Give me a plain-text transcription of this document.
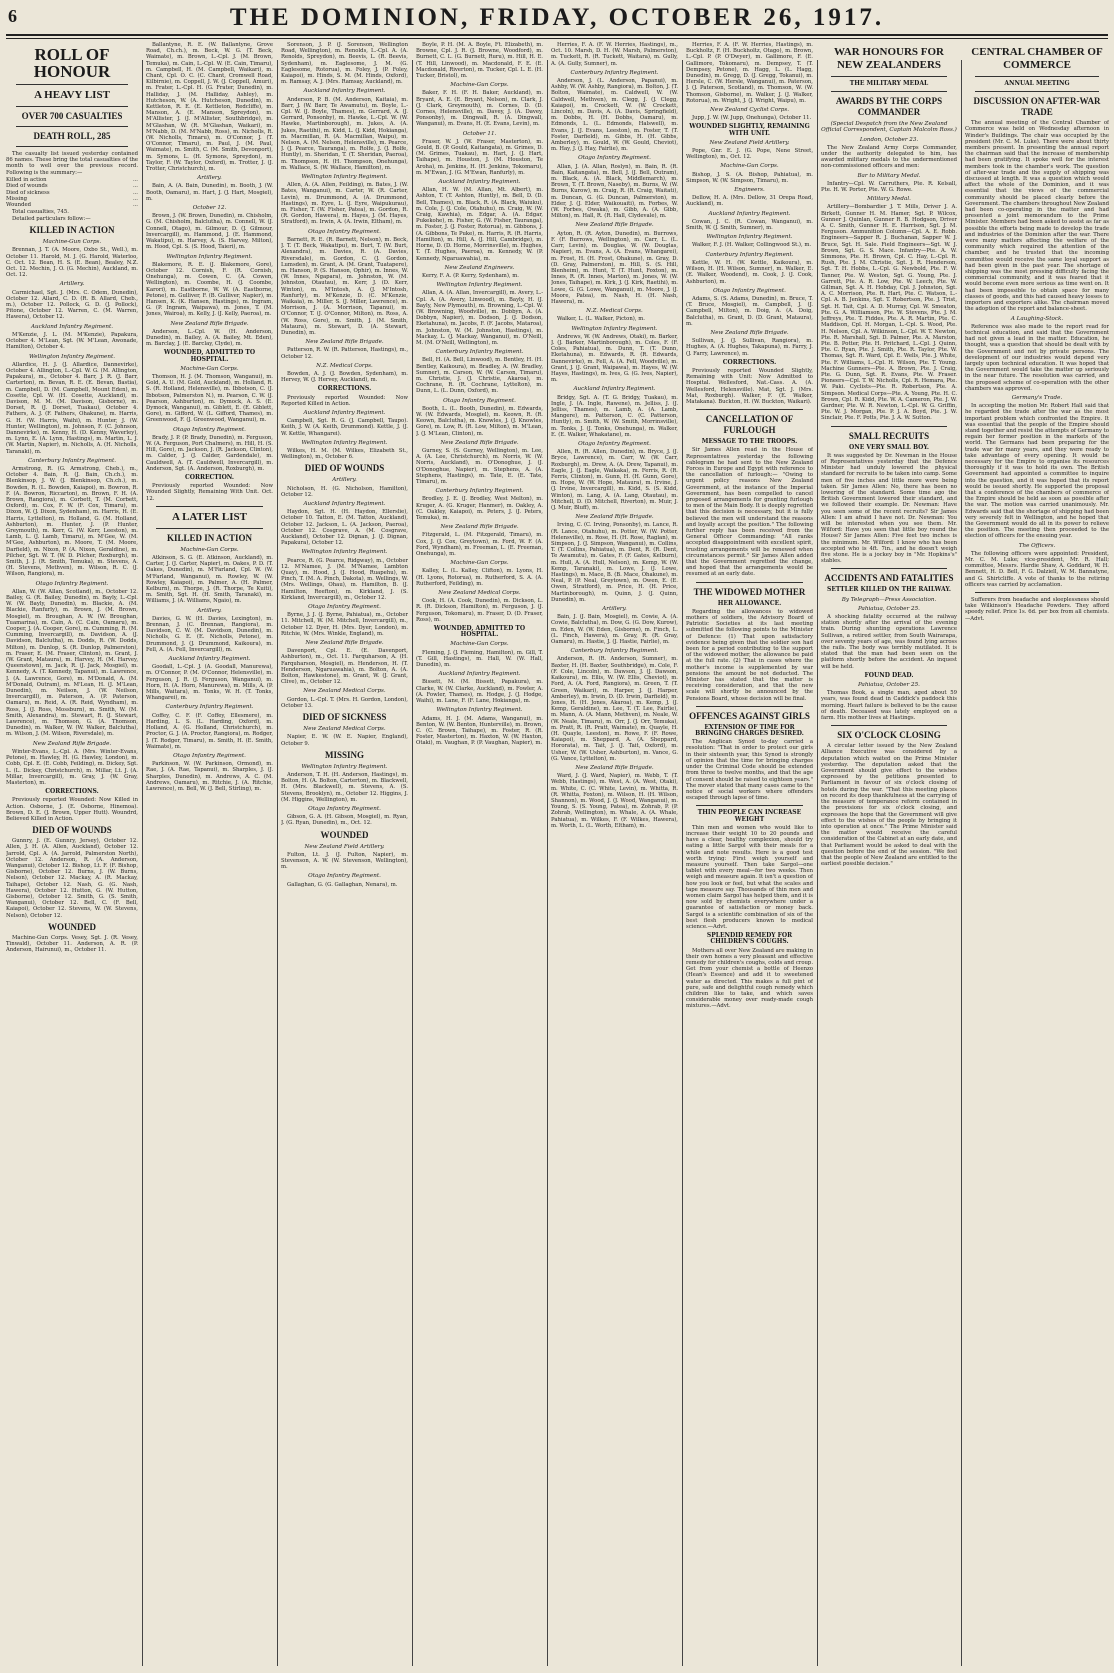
6	THE DOMINION, FRIDAY, OCTOBER 26, 1917.
ROLL OF HONOUR
A HEAVY LIST
OVER 700 CASUALTIES
DEATH ROLL, 285

The casualty list issued yesterday contained 86 names. These bring the total casualties of the month to well over the previous record. Following is the summary:—

Killed in action	...
Died of wounds	...
Died of sickness	...
Missing	...
Wounded	...

Total casualties, 745.

Detailed particulars follow:—

KILLED IN ACTION
Machine-Gun Corps.

Brennan, J. T. (A. Moore, Oxbo St., Well.), m. October 11. Harold, M. J. (G. Harold, Waterloo, C. Oct. 12. Bean, H. S. (E. Bean), Bealey, N.Z. Oct. 12. Mechin, J. O. (G. Mechin), Auckland, m. Oct. 12.

Artillery.

Carmichael, Sgt. J. (Mrs. C. Odem, Dunedin), October 12. Allard, C. D. (R. B. Allard, Cheb., m.), October 12. Pollock, G. D. (J. Pollock), Pitone, October 12. Warren, C. (M. Warren, Hawera), October 12.

Auckland Infantry Regiment.

M'Kenzie, J. L. (M. M'Kenzie), Papakura, October 4. M'Lean, Sgt. (W. M'Lean, Awonade, Hamilton), October 4.

Wellington Infantry Regiment.

Allardice, H. J. (J. Allardice, Dannevirke), October 4. Allington, L.-Cpl. W. G. (M. Allington, Papakura), m., October 4. Barr, J. R. (J. Barr, Carterton), m. Bevan, R. E. (E. Bevan, Bastia), m. Campbell, D. (M. Campbell, Mount Eden), m. Cosette, Cpl. W. (H. Cosette, Auckland), m. Davison, M. M. (M. Davison, Gisborne), m. Dorset, R. (J. Dorset, Tuakau), October 4. Fathers, A. J. (F. Fathers, Ohakune), m. Harris, G. H. (W. Harris, Waihi), m. Hunter, J. (W. Hunter, Wellington), m. Johnson, F. (C. Johnson, Dannevirke), m. Kenny, H. (D. Kenny, Waverley), m. Lynn, E. (A. Lynn, Hastings), m. Martin, L. J. (W. Martin, Napier), m. Nicholls, A. (H. Nicholls, Taranaki), m.

Canterbury Infantry Regiment.

Armstrong, R. (G. Armstrong, Cheb.), m., October 4. Bain, R. (J. Bain, Ch.ch.), m. Blenkinsop, J. W. (J. Blenkinsop, Ch.ch.), m. Bowden, R. (L. Bowden, Kaiapoi), m. Bowron, R. F. (A. Bowron, Riccarton), m. Brown, F. H. (A. Brown, Rangiora), m. Corbett, T. (M. Corbett, Oxford), m. Cox, F. W. (F. Cox, Timaru), m. Dixon, W. (J. Dixon, Sydenham), m. Harris, H. (E. Harris, Lyttelton), m. Holland, G. (M. Holland, Ashburton), m. Hunter, J. (P. Hunter, Greymouth), m. Kerr, G. (W. Kerr, Leeston), m. Lamb, L. (J. Lamb, Timaru), m. M'Gee, W. (M. M'Gee, Ashburton), m. Moore, T. (M. Moore, Darfield), m. Nixon, P. (A. Nixon, Geraldine), m. Pilcher, Sgt. W. T. (W. D. Pilcher, Roxburgh), m. Smith, J. J. (R. Smith, Temuka), m. Stevens, A. (H. Stevens, Methven), m. Wilson, R. C. (J. Wilson, Rangiora), m.

Otago Infantry Regiment.

Allan, W. (W. Allan, Scotland), m., October 12. Bailey, G. (R. Bailey, Dunedin), m. Bayly, L.-Cpl. W. (W. Bayly, Dunedin), m. Blackie, A. (M. Blackie, Ranfurly), m. Brown, J. (M. Brown, Mosgiel), m. Broughan, A. W. (W. Broughan, Tuamarina), m. Cain, A. (C. Cain, Oamaru), m. Cooper, J. (A. Cooper, Gore), m. Cumming, R. (M. Cumming, Invercargill), m. Davidson, A. (J. Davidson, Balclutha), m. Dodds, R. (W. Dodds, Milton), m. Dunlop, S. (R. Dunlop, Palmerston), m. Fraser, E. (M. Fraser, Clinton), m. Grant, J. (W. Grant, Mataura), m. Harvey, H. (M. Harvey, Queenstown), m. Jack, R. (J. Jack, Mosgiel), m. Kennedy, A. (T. Kennedy, Tapanui), m. Lawrence, J. (A. Lawrence, Gore), m. M'Donald, A. (M. M'Donald, Outram), m. M'Lean, H. (J. M'Lean, Dunedin), m. Neilson, J. (W. Neilson, Invercargill), m. Paterson, A. (P. Paterson, Oamaru), m. Reid, A. (R. Reid, Wyndham), m. Ross, J. (J. Ross, Mossburn), m. Smith, W. (M. Smith, Alexandra), m. Stewart, R. (J. Stewart, Lawrence), m. Thomson, G. (A. Thomson, Dunedin), m. Walker, W. (W. Walker, Balclutha), m. Wilson, J. (M. Wilson, Riversdale), m.

New Zealand Rifle Brigade.

Winter-Evans, L.-Cpl. A. (Mrs. Winter-Evans, Petone), m. Hawley, H. (G. Hawley, London), m. Cobb, Cpl. E. (E. Cobb, Feilding), m. Dickey, Sgt. L. (L. Dickey, Christchurch), m. Millar, Lt. J. (A. Millar, Invercargill), m. Gray, J. (W. Gray, Masterton), m.

CORRECTIONS.

Previously reported Wounded: Now Killed in Action. Osborne, J. (E. Osborne, Hinemoa). Brown, D. E. (J. Brown, Upper Hutt). Woundrd, Believed Killed in Action.

DIED OF WOUNDS

Gunnry, J. (E. Gunnry, Jersey), October 12. Allen, J. H. (A. Allen, Auckland), October 12. Jarrold, Cpl. A. (A. Jarrold, Palmerston North), October 12. Anderson, R. (A. Anderson, Wanganui), October 12. Bishop, Lt. F. (F. Bishop, Gisborne), October 12. Burns, J. (W. Burns, Nelson), October 12. Mackay, A. (R. Mackay, Taihape), October 12. Nash, G. (G. Nash, Hawera), October 12. Hutton, G. (W. Hutton, Gisborne), October 12. Smith, G. (S. Smith, Wanganui), October 12. Bell, C. (F. Bell, Kaiapoi), October 12. Stevens, W. (W. Stevens, Nelson), October 12.

WOUNDED

Machine-Gun Corps. Vesey, Sgt. J. (R. Vesey, Tinwald), October 11. Anderson, A. R. (P. Anderson, Hairunui), m., October 11.

Ballantyne, R. E. (W. Ballantyne, Grove Road, Ch.ch.), m. Beck, W. G. (T. Beck, Waimate), m. Brown, L.-Cpl. J. (M. Brown, Temuka), m. Cain, L.-Cpl. W. (E. Cain, Timaru), m. Campbell, H. (M. Campbell, Waikari), m. Chant, Cpl. O. C. (C. Chant, Cromwell Road, Kilbirnie), m. Coppell, J. W. (J. Coppell, Amuri), m. Frater, L.-Cpl. H. (G. Frater, Dunedin), m. Halliday, J. (M. Halliday, Ashley), m. Hutcheson, W. (A. Hutcheson, Dunedin), m. Kettleton, R. E. (E. Kettleton, Redcliffe), m. Manson, A. (E. Manson, Spreydon), m. M'Allister, J. (J. M'Allister, Southbridge), m. M'Glashan, W. (R. M'Glashan, Waikari), m. M'Nabb, D. (M. M'Nabb, Ross), m. Nicholls, R. (W. Nicholls, Timaru), m. O'Connor, J. (T. O'Connor, Timaru), m. Paul, J. (M. Paul, Waimate), m. Smith, C. (M. Smith, Devonport), m. Symons, L. (H. Symons, Spreydon), m. Taylor, F. (W. Taylor, Oxford), m. Trotter, J. (J. Trotter, Christchurch), m.

Artillery.

Bain, A. (A. Bain, Dunedin), m. Booth, J. (W. Booth, Oamaru), m. Hart, J. (J. Hart, Mosgiel), m.

October 12.

Brown, J. (W. Brown, Dunedin), m. Chisholm, G. (M. Chisholm, Balclutha), m. Connell, W. (J. Connell, Otago), m. Gilmour, D. (J. Gilmour, Invercargill), m. Hammond, J. (E. Hammond, Wakatipu), m. Harvey, A. (S. Harvey, Milton), m. Hood, Cpl. S. (S. Hood, Taieri), m.

Wellington Infantry Regiment.

Blakemore, R. E. (J. Blakemore, Gore), October 12. Cornish, F. (R. Cornish, Onehunga), m. Cowen, C. (A. Cowen, Wellington), m. Coombe, H. (J. Coombe, Karori), m. Eastborne, W. W. (A. Eastborne, Petone), m. Gulliver, F. (B. Gulliver, Napier), m. Hansen, K. (K. Hansen, Hastings), m. Ingram, G. (P. Ingram, Waipawa), m. Jones, T. (M. Jones, Wairoa), m. Kelly, J. (J. Kelly, Paeroa), m.

New Zealand Rifle Brigade.

Anderson, L.-Cpl. W. (H. Anderson, Dunedin), m. Bailey, A. (A. Bailey, Mt. Eden), m. Barclay, J. (E. Barclay, Clyde), m.

WOUNDED, ADMITTED TO HOSPITAL.
Machine-Gun Corps.

Thomson, H. J. (M. Thomson, Wanganui), m. Gold, A. U. (M. Gold, Auckland), m. Holland, R. S. (R. Holland, Helensville), m. Ibbotson, C. (J. Ibbotson, Palmerston N.), m. Pearson, C. W. (J. Pearson, Ashburton), m. Dymock, A. S. (E. Dymock, Wanganui), m. Giblett, E. (E. Giblett, Gore), m. Gifford, W. (L. Gifford, Thames), m. Greenwood, F. (J. Greenwood, Wanganui), m.

Otago Infantry Regiment.

Brady, J. P. (P. Brady, Dunedin), m. Ferguson, W. (A. Ferguson, Port Chalmers), m. Hill, H. (S. Hill, Gore), m. Jackson, J. (R. Jackson, Clinton), m. Calder, J. (J. Calder, Gardendale), m. Cauldwell, A. (T. Cauldwell, Invercargill), m. Anderson, Sgt. (A. Anderson, Roxburgh), m.

CORRECTION.

Previously reported Wounded: Now Wounded Slightly, Remaining With Unit. Oct. 12.

A LATER LIST
KILLED IN ACTION
Machine-Gun Corps.

Atkinson, S. G. (E. Atkinson, Auckland), m. Carter, J. (J. Carter, Napier), m. Oakes, P. D. (T. Oakes, Dunedin), m. M'Farland, Cpl. W. (W. M'Farland, Wanganui), m. Rowley, W. (W. Rowley, Kaiapoi), m. Palmer, A. (H. Palmer, Kelburn), m. Thorpe, J. (R. Thorpe, Te Kuiti), m. Smith, Sgt. H. (H. Smith, Taranaki), m. Williams, J. (A. Williams, Ngaio), m.

Artillery.

Davies, G. W. (H. Davies, Lexington), m. Brennan, J. (C. Brennan, Rangiora), m. Davidson, C. W. (M. Davidson, Dunedin), m. Nicholls, G. E. (E. Nicholls, Petone), m. Drummond, J. (J. Drummond, Kaikoura), m. Fell, A. (A. Fell, Invercargill), m.

Auckland Infantry Regiment.

Goodall, L.-Cpl. J. (A. Goodall, Manurewa), m. O'Connor, P. (M. O'Connor, Helensville), m. Ferguson, J. R. (J. Ferguson, Wanganui), m. Horn, H. (A. Horn, Manurewa), m. Mills, A. (P. Mills, Waitara), m. Tonks, W. H. (T. Tonks, Whangarei), m.

Canterbury Infantry Regiment.

Coffey, C. F. (F. Coffey, Ellesmere), m. Harding, L. S. (L. Harding, Oxford), m. Holland, A. (G. Holland, Christchurch), m. Proctor, G. J. (A. Proctor, Rangiora), m. Rodger, J. (T. Rodger, Timaru), m. Smith, H. (E. Smith, Waimate), m.

Otago Infantry Regiment.

Parkinson, W. (W. Parkinson, Ormond), m. Rae, J. (A. Rae, Tapanui), m. Sharples, J. (J. Sharples, Dunedin), m. Andrews, A. C. (M. Andrews, Oamaru), m. Ritchie, J. (A. Ritchie, Lawrence), m. Bell, W. (J. Bell, Stirling), m.

Sorenson, J. P. (J. Sorenson, Wellington Road, Wellington), m. Renolds, L.-Cpl. A. (A. Renolds, Spreydon), m. Beevis, L. (R. Beevis, Sydenham), m. Eaglesome, J. M. (G. Eaglesome, Rotorua), m. Foley, J. (P. Foley, Kaiapoi), m. Hinds, S. M. (M. Hinds, Oxford), m. Ramsay, A. J. (Mrs. Ramsay, Auckland), m.

Auckland Infantry Regiment.

Anderson, P. B. (M. Anderson, Kaitaia), m. Barr, J. (W. Barr, Te Awamutu), m. Boyle, L.-Cpl. W. (J. Boyle, Thames), m. Gerrard, A. (J. Gerrard, Ponsonby), m. Hawke, L.-Cpl. W. (W. Hawke, Martinborough), m. Jukes, A. (A. Jukes, Raetihi), m. Kidd, L. (J. Kidd, Hokianga), m. Macmillan, R. (A. Macmillan, Waipu), m. Nelson, A. (M. Nelson, Helensville), m. Pearce, J. (J. Pearce, Tauranga), m. Rolfe, J. (J. Rolfe, Huntly), m. Sheridan, T. (T. Sheridan, Paeroa), m. Thompson, H. (H. Thompson, Onehunga), m. Wallace, S. (W. Wallace, Hamilton), m.

Wellington Infantry Regiment.

Allen, A. (A. Allen, Feilding), m. Bates, J. (W. Bates, Wanganui), m. Carter, W. (R. Carter, Levin), m. Drummond, A. (A. Drummond, Hastings), m. Eyre, L. (J. Eyre, Waipukurau), m. Fisher, T. (W. Fisher, Patea), m. Gordon, R. (R. Gordon, Hawera), m. Hayes, J. (M. Hayes, Stratford), m. Irwin, A. (A. Irwin, Eltham), m.

Otago Infantry Regiment.

Barnett, R. E. (R. Barnett, Nelson), m. Beck, J. T. (T. Beck, Wakatipu), m. Burt, T. (W. Burt, Alexandra), m. Davies, R. (A. Davies, Riversdale), m. Gordon, C. (J. Gordon, Lumsden), m. Grant, A. (M. Grant, Tuatapere), m. Hanson, P. (S. Hanson, Ophir), m. Innes, W. (W. Innes, Ngapara), m. Johnston, W. (M. Johnston, Otautau), m. Kerr, J. (D. Kerr, Winton), m. M'Intosh, A. (J. M'Intosh, Ranfurly), m. M'Kenzie, D. (C. M'Kenzie, Waikaia), m. Miller, S. (J. Miller, Lawrence), m. Morrison, J. (A. Morrison, Tapanui), m. O'Connor, T. (J. O'Connor, Milton), m. Ross, A. (W. Ross, Gore), m. Smith, J. (M. Smith, Mataura), m. Stewart, D. (A. Stewart, Dunedin), m.

New Zealand Rifle Brigade.

Patterson, R. W. (R. Patterson, Hastings), m., October 12.

N.Z. Medical Corps.

Bowden, A. J. (J. Bowden, Sydenham), m. Hervey, W. (J. Hervey, Auckland), m.

CORRECTIONS.

Previously reported Wounded: Now Reported Killed in Action.

Auckland Infantry Regiment.

Campbell, Sgt. R. G. (J. Campbell, Taupo). Keith, J. W. (A. Keith, Drummond). Kettle, J. (J. W. Kettle, Whangarei).

Wellington Infantry Regiment.

Wilkes, H. M. (M. Wilkes, Elizabeth St., Wellington), m., October 6.

DIED OF WOUNDS
Artillery.

Nicholson, H. (G. Nicholson, Hamilton), October 12.

Auckland Infantry Regiment.

Haydon, Sgt. H. (H. Haydon, Ellerslie), October 10. Tatton, E. (M. Tatton, Auckland), October 12. Jackson, L. (A. Jackson, Paeroa), October 12. Cosgrave, A. (M. Cosgrave, Auckland), October 12. Dignan, J. (J. Dignan, Papakura), October 12.

Wellington Infantry Regiment.

Pearce, R. (G. Pearce, Ridgway), m., October 12. M'Namee, J. (M. M'Namee, Lambton Quay), m. Hood, J. (J. Hood, Ruapehu), m. Pinch, T. (M. A. Pinch, Dakota), m. Wellings, W. (Mrs. Wellings, Ohau), m. Hamilton, B. (J. Hamilton, Reefton), m. Kirkland, J. (S. Kirkland, Invercargill), m., October 12.

Otago Infantry Regiment.

Byrne, J. J. (J. Byrne, Pahiatua), m., October 11. Mitchell, W. (M. Mitchell, Invercargill), m., October 12. Dyer, H. (Mrs. Dyer, London), m. Ritchie, W. (Mrs. Winkle, England), m.

New Zealand Rifle Brigade.

Davenport, Cpl. E. (E. Davenport, Ashburton), m., Oct. 11. Farquharson, A. (H. Farquharson, Mosgiel), m. Henderson, H. (T. Henderson, Ngaruawahia), m. Bolton, A. (A. Bolton, Hawkestone), m. Grant, W. (J. Grant, Clive), m., October 12.

New Zealand Medical Corps.

Gordon, L.-Cpl. T. (Mrs. H. Gordon, London), October 13.

DIED OF SICKNESS
New Zealand Medical Corps.

Napier, E. W. (W. E. Napier, England), October 9.

MISSING
Wellington Infantry Regiment.

Anderson, T. H. (H. Anderson, Hastings), m. Bolton, H. (A. Bolton, Carterton), m. Blackwell, H. (Mrs. Blackwell), m. Stevens, A. (S. Stevens, Brooklyn), m., October 12. Higgins, J. (M. Higgins, Wellington), m.

Otago Infantry Regiment.

Gibson, G. A. (H. Gibson, Mosgiel), m. Ryan, J. (G. Ryan, Dunedin), m., Oct. 12.

WOUNDED
New Zealand Field Artillery.

Fulton, Lt. J. (J. Fulton, Napier), m. Stevenson, A. W. (W. Stevenson, Wellington), m.

Otago Infantry Regiment.

Gallaghan, G. (G. Gallaghan, Nenara), m.

Boyle, P. H. (M. A. Boyle, Ft. Elizabeth), m. Browne, Cpl. J. R. (J. Browne, Woodford), m. Burnett, C. L. (G. Burnett, Ruru), m. Hill, H. E. (T. Hill, Linwood), m. Macdonald, F. E. (E. Macdonald, Riverton), m. Tucker, Cpl. L. E. (H. Tucker, Bristol), m.

Machine-Gun Corps.

Baker, F. H. (F. H. Baker, Auckland), m. Bryant, A. E. (E. Bryant, Nelson), m. Clark, J. (J. Clark, Greymouth), m. Cornes, D. (D. Cornes, Helensville), m. Davey, J. (A. Davey, Ponsonby), m. Dingwall, R. (A. Dingwall, Wanganui), m. Evans, H. (E. Evans, Levin), m.

October 11.

Fraser, W. J. (W. Fraser, Masterton), m. Gould, B. (P. Gould, Kaitangata), m. Grimes, D. (M. Grimes, Tuakau), m. Hart, J. (J. Hart, Taihape), m. Houston, J. (M. Houston, Te Aroha), m. Jenkins, H. (H. Jenkins, Tokomaru), m. M'Ewan, J. (G. M'Ewan, Ranfurly), m.

Auckland Infantry Regiment.

Allan, H. W. (M. Allan, Mt. Albert), m. Ashton, T. (T. Ashton, Huntly), m. Bell, D. (D. Bell, Thames), m. Black, R. (A. Black, Waiuku), m. Cole, J. (J. Cole, Otahuhu), m. Craig, W. (W. Craig, Kawhia), m. Edgar, A. (A. Edgar, Pukekohe), m. Fisher, G. (W. Fisher, Tauranga), m. Foster, J. (J. Foster, Rotorua), m. Gibbons, J. (A. Gibbons, Te Puke), m. Harris, R. (R. Harris, Hamilton), m. Hill, A. (J. Hill, Cambridge), m. Horne, D. (D. Horne, Morrinsville), m. Hughes, T. (T. Hughes, Paeroa), m. Kennedy, W. (P. Kennedy, Ngaruawahia), m.

New Zealand Engineers.

Kerry, F. A. (P. Kerry, Sydenham), m.

Wellington Infantry Regiment.

Allan, A. (A. Allan, Invercargill), m. Avery, L.-Cpl. A. (A. Avery, Linwood), m. Bayly, H. (J. Bayly, New Plymouth), m. Browning, L.-Cpl. W. (W. Browning, Woodville), m. Dobbyn, A. (A. Dobbyn, Napier), m. Dodson, J. (J. Dodson, Eketahuna), m. Jacobs, F. (F. Jacobs, Mataroa), m. Johnston, W. (M. Johnston, Hastings), m. Mackay, L. (J. Mackay, Wanganui), m. O'Neill, M. (M. O'Neill, Wellington), m.

Canterbury Infantry Regiment.

Bell, H. (A. Bell, Linwood), m. Bentley, H. (H. Bentley, Kaikoura), m. Bradley, A. (W. Bradley, Sumner), m. Carson, W. (W. Carson, Timaru), m. Christie, J. (J. Christie, Akaroa), m. Cochrane, R. (R. Cochrane, Lyttelton), m. Dunn, L. (L. Dunn, Oxford), m.

Otago Infantry Regiment.

Booth, L. (L. Booth, Dunedin), m. Edwards, W. (W. Edwards, Mosgiel), m. Keown, R. (R. Keown, Balclutha), m. Knowles, J. (J. Knowles, Gore), m. Low, R. (R. Low, Milton), m. M'Lean, J. (J. M'Lean, Clinton), m.

New Zealand Rifle Brigade.

Gurney, S. (S. Gurney, Wellington), m. Lee, A. (A. Lee, Christchurch), m. Norris, W. (W. Norris, Auckland), m. O'Donoghue, J. (J. O'Donoghue, Napier), m. Stephens, A. (A. Stephens, Hastings), m. Tate, E. (E. Tate, Timaru), m.

Canterbury Infantry Regiment.

Brodley, J. E. (J. Brodley, West Melton), m. Kruger, A. (G. Kruger, Hanmer), m. Oakley, A. (C. Oakley, Kaiapoi), m. Peters, J. (J. Peters, Temuka), m.

New Zealand Rifle Brigade.

Fitzgerald, L. (M. Fitzgerald, Timaru), m. Cox, J. (J. Cox, Greytown), m. Ford, W. F. (A. Ford, Wyndham), m. Freeman, L. (E. Freeman, Onehunga), m.

Machine-Gun Corps.

Kalley, L. (L. Kalley, Clifton), m. Lyons, H. (H. Lyons, Rotorua), m. Rutherford, S. A. (A. Rutherford, Feilding), m.

New Zealand Medical Corps.

Cook, H. (A. Cook, Dunedin), m. Dickson, L. R. (R. Dickson, Hamilton), m. Ferguson, J. (J. Ferguson, Tokomaru), m. Fraser, D. (D. Fraser, Ross), m.

WOUNDED, ADMITTED TO HOSPITAL.
Machine-Gun Corps.

Fleming, J. (J. Fleming, Hamilton), m. Gill, T. (T. Gill, Hastings), m. Hall, W. (W. Hall, Dunedin), m.

Auckland Infantry Regiment.

Bissett, M. (M. Bissett, Papakura), m. Clarke, W. (W. Clarke, Auckland), m. Fowler, A. (A. Fowler, Thames), m. Hodge, J. (J. Hodge, Waihi), m. Lane, F. (F. Lane, Hokianga), m.

Wellington Infantry Regiment.

Adams, H. J. (M. Adams, Wanganui), m. Benton, W. (W. Benton, Hunterville), m. Brown, C. (C. Brown, Taihape), m. Foster, R. (R. Foster, Masterton), m. Haxton, W. (W. Haxton, Otaki), m. Vaughan, P. (P. Vaughan, Napier), m.

Herries, F. A. (F. W. Herries, Hastings), m., Oct. 10. Marsh, D. H. (W. Marsh, Palmerston), m. Tuckett, R. (R. Tuckett, Waitara), m. Gully, A. (A. Gully, Sumner), m.

Canterbury Infantry Regiment.

Anderson, J. (L. Anderson, Papanui), m. Ashby, W. (W. Ashby, Rangiora), m. Bolton, J. (T. Bolton, Waimate), m. Caldwell, W. (W. Caldwell, Methven), m. Clegg, J. (J. Clegg, Kaiapoi), m. Crockett, W. (W. Crockett, Lincoln), m. Davis, A. (A. Davis, Springfield), m. Dobbs, H. (H. Dobbs, Oamaru), m. Edmonds, L. (L. Edmonds, Halswell), m. Evans, J. (J. Evans, Leeston), m. Foster, T. (T. Foster, Darfield), m. Gibbs, H. (H. Gibbs, Amberley), m. Gould, W. (W. Gould, Cheviot), m. Hay, J. (J. Hay, Fairlie), m.

Otago Infantry Regiment.

Allan, J. (A. Allan, Roslyn), m. Bain, R. (R. Bain, Kaitangata), m. Bell, J. (J. Bell, Outram), m. Black, A. (A. Black, Middlemarch), m. Brown, T. (T. Brown, Naseby), m. Burns, W. (W. Burns, Kurow), m. Craig, R. (R. Craig, Waitati), m. Duncan, G. (G. Duncan, Palmerston), m. Elder, J. (J. Elder, Waikouaiti), m. Forbes, W. (W. Forbes, Owaka), m. Gibb, A. (A. Gibb, Milton), m. Hall, R. (R. Hall, Clydevale), m.

New Zealand Rifle Brigade.

Ayton, R. (R. Ayton, Dunedin), m. Burrows, F. (F. Burrows, Wellington), m. Carr, L. (L. Carr, Levin), m. Douglas, W. (W. Douglas, Napier), m. Evans, A. (A. Evans, Whangarei), m. Frost, H. (H. Frost, Ohakune), m. Gray, D. (D. Gray, Palmerston), m. Hill, S. (S. Hill, Blenheim), m. Hunt, T. (T. Hunt, Foxton), m. Innes, R. (R. Innes, Marton), m. Jones, W. (W. Jones, Taihape), m. Kirk, J. (J. Kirk, Raetihi), m. Lowe, G. (G. Lowe, Wanganui), m. Moore, J. (J. Moore, Patea), m. Nash, H. (H. Nash, Hawera), m.

N.Z. Medical Corps.

Walker, L. (L. Walker, Picton), m.

Wellington Infantry Regiment.

Andrews, W. (W. Andrews, Otaki), m. Barker, J. (J. Barker, Martinborough), m. Coles, F. (F. Coles, Pahiatua), m. Dunn, T. (T. Dunn, Eketahuna), m. Edwards, R. (R. Edwards, Dannevirke), m. Fell, A. (A. Fell, Woodville), m. Grant, J. (J. Grant, Waipawa), m. Hayes, W. (W. Hayes, Hastings), m. Ives, G. (G. Ives, Napier), m.

Auckland Infantry Regiment.

Bridgy, Sgt. A. (T. G. Bridgy, Tuakau), m. Ingle, J. (A. Ingle, Rawene), m. Jelliss, J. (J. Jelliss, Thames), m. Lamb, A. (A. Lamb, Mangere), m. Patterson, C. (C. Patterson, Huntly), m. Smith, W. (W. Smith, Morrinsville), m. Tonks, J. (J. Tonks, Onehunga), m. Walker, E. (E. Walker, Whakatane), m.

Otago Infantry Regiment.

Allen, R. (R. Allen, Dunedin), m. Bryce, J. (J. Bryce, Lawrence), m. Carr, W. (W. Carr, Roxburgh), m. Drew, A. (A. Drew, Tapanui), m. Eagle, J. (J. Eagle, Waikaka), m. Ferris, R. (R. Ferris, Clinton), m. Gunn, H. (H. Gunn, Gore), m. Hope, W. (W. Hope, Mataura), m. Irvine, J. (J. Irvine, Invercargill), m. Kidd, S. (S. Kidd, Winton), m. Lang, A. (A. Lang, Otautau), m. Mitchell, D. (D. Mitchell, Riverton), m. Muir, J. (J. Muir, Bluff), m.

New Zealand Rifle Brigade.

Irving, C. (C. Irving, Ponsonby), m. Lance, R. (R. Lance, Otahuhu), m. Potter, W. (W. Potter, Helensville), m. Rose, H. (H. Rose, Raglan), m. Simpson, J. (J. Simpson, Wanganui), m. Collins, T. (T. Collins, Pahiatua), m. Dent, R. (R. Dent, Te Awamutu), m. Gates, F. (F. Gates, Kelburn), m. Hull, A. (A. Hull, Nelson), m. Kemp, W. (W. Kemp, Taranaki), m. Lowe, J. (J. Lowe, Hastings), m. Mace, B. (B. Mace, Ohakune), m. Neal, P. (P. Neal, Greytown), m. Owen, E. (E. Owen, Stratford), m. Price, H. (H. Price, Martinborough), m. Quinn, J. (J. Quinn, Dunedin), m.

Artillery.

Bain, J. (J. Bain, Mosgiel), m. Cowie, A. (A. Cowie, Balclutha), m. Dow, G. (G. Dow, Kurow), m. Eden, W. (W. Eden, Gisborne), m. Finch, L. (L. Finch, Hawera), m. Gray, R. (R. Gray, Oamaru), m. Hastie, J. (J. Hastie, Fairlie), m.

Canterbury Infantry Regiment.

Anderson, R. (R. Anderson, Sumner), m. Baxter, H. (H. Baxter, Southbridge), m. Cole, F. (F. Cole, Lincoln), m. Dawson, J. (J. Dawson, Kaikoura), m. Ellis, W. (W. Ellis, Cheviot), m. Ford, A. (A. Ford, Rangiora), m. Green, T. (T. Green, Waikari), m. Harper, J. (J. Harper, Amberley), m. Irwin, D. (D. Irwin, Darfield), m. Jones, H. (H. Jones, Akaroa), m. Kemp, J. (J. Kemp, Geraldine), m. Lee, T. (T. Lee, Fairlie), m. Mann, A. (A. Mann, Methven), m. Neale, W. (W. Neale, Timaru), m. Orr, J. (J. Orr, Temuka), m. Pratt, R. (R. Pratt, Waimate), m. Quayle, H. (H. Quayle, Leeston), m. Rowe, F. (F. Rowe, Kaiapoi), m. Sheppard, A. (A. Sheppard, Hororata), m. Tait, J. (J. Tait, Oxford), m. Usher, W. (W. Usher, Ashburton), m. Vance, G. (G. Vance, Lyttelton), m.

New Zealand Rifle Brigade.

Ward, J. (J. Ward, Napier), m. Webb, T. (T. Webb, Hastings), m. West, A. (A. West, Otaki), m. White, C. (C. White, Levin), m. Whitta, R. (R. Whitta, Foxton), m. Wilson, H. (H. Wilson, Shannon), m. Wood, J. (J. Wood, Wanganui), m. Young, S. (S. Young, Patea), m. Zohrab, P. (P. Zohrab, Wellington), m. Whale, A. (A. Whale, Pahiatua), m. Wilkes, F. (F. Wilkes, Hawera), m. Worth, L. (L. Worth, Eltham), m.

Herries, F. A. (F. W. Herries, Hastings), m. Buckholtz, F. (H. Buckholtz, Otago), m. Brown, L.-Cpl. P. (P. O'Dwyer), m. Gallimore, F. (E. Gallimore, Tokomaru), m. Dempsey, T. (T. Dempsey, Petone), m. Hagg, L. (L. Hagg, Dunedin), m. Gregg, D. (J. Gregg, Tokanui), m. Hersle, C. (W. Hersle, Wanganui), m. Paterson, J. (J. Paterson, Scotland), m. Thomson, W. (W. Thomson, Gisborne), m. Walker, J. (J. Walker, Rotorua), m. Wright, J. (J. Wright, Waipu), m.

New Zealand Cyclist Corps.

Jupp, J. W. (W. Jupp, Onehunga), October 11.

WOUNDED SLIGHTLY, REMAINING WITH UNIT.
New Zealand Field Artillery.

Pope, Gnr. E. J. (G. Pope, Nene Street, Wellington), m., Oct. 12.

Machine-Gun Corps.

Bishop, J. S. (A. Bishop, Pahiatua), m. Simpson, W. (W. Simpson, Timaru), m.

Engineers.

Dellow, H. A. (Mrs. Dellow, 31 Orepa Road, Auckland), m.

Auckland Infantry Regiment.

Cowan, J. C. (R. Cowan, Wanganui), m. Smith, W. (J. Smith, Sumner), m.

Wellington Infantry Regiment.

Walker, F. J. (H. Walker, Collingwood St.), m.

Canterbury Infantry Regiment.

Kettle, W. H. (W. Kettle, Kaikoura), m. Wilson, H. (H. Wilson, Sumner), m. Walker, E. (E. Walker, Woodend), m. Cook, J. (J. Cook, Ashburton), m.

Otago Infantry Regiment.

Adams, S. (S. Adams, Dunedin), m. Bruce, T. (T. Bruce, Mosgiel), m. Campbell, J. (J. Campbell, Milton), m. Doig, A. (A. Doig, Balclutha), m. Grant, D. (D. Grant, Mataura), m.

New Zealand Rifle Brigade.

Sullivan, J. (J. Sullivan, Rangiora), m. Hughes, A. (A. Hughes, Takapuna), m. Farry, J. (J. Farry, Lawrence), m.

CORRECTIONS.

Previously reported Wounded Slightly, Remaining with Unit: Now Admitted to Hospital. Wellesford, Nat.-Cass. A. (A. Wellesford, Helensville). Mat, Sgt. J. (Mrs. Mat, Roxburgh). Walker, F. (E. Walker, Matakana). Buckton, H. (W. Buckton, Waikari).

CANCELLATION OF FURLOUGH
MESSAGE TO THE TROOPS.

Sir James Allen read in the House of Representatives yesterday the following cablegram he had sent to the New Zealand Forces in Europe and Egypt with reference to the cancellation of furlough:— "Owing to urgent policy reasons New Zealand Government, at the instance of the Imperial Government, has been compelled to cancel proposed arrangements for granting furlough to men of the Main Body. It is deeply regretted that this decision is necessary, but it is fully believed the men will understand the reasons and loyally accept the position." The following further reply has been received from the General Officer Commanding: "All ranks accepted disappointment with excellent spirit, trusting arrangements will be renewed when circumstances permit." Sir James Allen added that the Government regretted the change, and hoped that the arrangements would be resumed at an early date.

THE WIDOWED MOTHER
HER ALLOWANCE.

Regarding the allowances to widowed mothers of soldiers, the Advisory Board of Patriotic Societies at its last meeting submitted the following points to the Minister of Defence: (1) That upon satisfactory evidence being given that the soldier son had been for a period contributing to the support of the widowed mother, the allowance be paid at the full rate. (2) That in cases where the mother's income is supplemented by war pensions the amount be not deducted. The Minister has stated that the matter is receiving consideration, and that the new scale will shortly be announced by the Pensions Board, whose decision will be final.

OFFENCES AGAINST GIRLS
EXTENSION OF TIME FOR BRINGING CHARGES DESIRED.

The Anglican Synod to-day carried a resolution: "That in order to protect our girls in their sixteenth year, this Synod is strongly of opinion that the time for bringing charges under the Criminal Code should be extended from three to twelve months, and that the age of consent should be raised to eighteen years." The mover stated that many cases came to the notice of social workers where offenders escaped through lapse of time.

THIN PEOPLE CAN INCREASE WEIGHT

Thin men and women who would like to increase their weight 10 to 20 pounds and have a clear, healthy complexion, should try eating a little Sargol with their meals for a while and note results. Here is a good test worth trying: First weigh yourself and measure yourself. Then take Sargol—one tablet with every meal—for two weeks. Then weigh and measure again. It isn't a question of how you look or feel, but what the scales and tape measure say. Thousands of thin men and women claim Sargol has helped them, and it is now sold by chemists everywhere under a guarantee of satisfaction or money back. Sargol is a scientific combination of six of the best flesh producers known to medical science.—Advt.

SPLENDID REMEDY FOR CHILDREN'S COUGHS.

Mothers all over New Zealand are making in their own homes a very pleasant and effective remedy for children's coughs, colds and croup. Get from your chemist a bottle of Heenzo (Hean's Essence) and add it to sweetened water as directed. This makes a full pint of pure, safe and delightful cough remedy which children like to take, and which saves considerable money over ready-made cough mixtures.—Advt.

WAR HONOURS FOR NEW ZEALANDERS
THE MILITARY MEDAL
AWARDS BY THE CORPS COMMANDER
(Special Despatch from the New Zealand Official Correspondent, Captain Malcolm Ross.)
London, October 23.

The New Zealand Army Corps Commander, under the authority delegated to him, has awarded military medals to the undermentioned non-commissioned officers and men:

Bar to Military Medal.

Infantry—Cpl. W. Carruthers, Pte. R. Kelsall, Pte. H. W. Porter, Pte. W. G. Rowe.

Military Medal.

Artillery—Bombardier J. T. Mills, Driver J. A. Birkett, Gunner H. M. Hamer, Sgt. P. Wilcox, Gunner J. Quinlan, Gunner R. B. Hodgson, Driver A. C. Smith, Gunner H. E. Harrison, Sgt. J. M. Ferguson. Ammunition Column—Cpl. A. E. Robb. Engineers—Sapper R. J. Buchanan, Sapper W. J. Bruce, Sgt. H. Sale. Field Engineers—Sgt. W. J. Brown, Sgt. G. S. Mace. Infantry—Pte. A. W. Simmons, Pte. H. Brown, Cpl. C. Hay, L.-Cpl. R. Rush, Pte. J. M. Christie, Sgt. J. R. Henderson, Sgt. T. H. Hobbs, L.-Cpl. G. Newbold, Pte. F. W. Tanner, Pte. W. Weston, Sgt. G. Young, Pte. J. Garrett, Pte. A. R. Low, Pte. W. Leech, Pte. W. Gillman, Sgt. A. H. Hobday, Cpl. J. Johnston, Sgt. A. C. Morrison, Pte. R. Hart, Pte. C. Watson, L.-Cpl. A. B. Jenkins, Sgt. T. Robertson, Pte. J. Trist, Sgt. H. Tait, Cpl. A. D. Murray, Cpl. W. Smeaton, Pte. G. A. Williamson, Pte. W. Stevens, Pte. J. M. Jeffreys, Pte. T. Fiddes, Pte. A. R. Martin, Pte. C. Maddison, Cpl. H. Morgan, L.-Cpl. S. Wood, Pte. H. Nelson, Cpl. A. Wilkinson, L.-Cpl. W. T. Newton, Pte. R. Marshall, Sgt. D. Palmer, Pte. A. Marston, Pte. B. Potter, Pte. H. Pritchard, L.-Cpl. J. Quinn, Pte. C. Ryan, Pte. J. Smith, Pte. R. Taylor, Pte. W. Thomas, Sgt. R. Ward, Cpl. E. Wells, Pte. J. White, Pte. F. Williams, L.-Cpl. H. Wilson, Pte. T. Young. Machine Gunners—Pte. A. Brown, Pte. J. Craig, Pte. G. Dunn, Sgt. R. Evans, Pte. W. Fraser. Pioneers—Cpl. T. W. Nicholls, Cpl. R. Hemara, Pte. W. Paki. Cyclists—Pte. R. Robertson, Pte. A. Simpson. Medical Corps—Pte. A. Young, Pte. H. C. Brown, Cpl. R. Kidd, Pte. W. A. Cameron, Pte. J. W. Gardner, Pte. W. R. Newton, L.-Cpl. W. G. Griffin, Pte. W. J. Morgan, Pte. P. J. A. Boyd, Pte. J. W. Sinclair, Pte. F. Potts, Pte. J. A. W. Sutton.

SMALL RECRUITS
ONE VERY SMALL BOY.

It was suggested by Dr. Newman in the House of Representatives yesterday that the Defence Minister had unduly lowered the physical standard for recruits to be taken into camp. Some men of five inches and little more were being taken. Sir James Allen: No, there has been no lowering of the standard. Some time ago the British Government lowered their standard, and we followed their example. Dr. Newman: Have you seen some of the recent recruits? Sir James Allen: I am afraid I have not. Dr. Newman: You will be interested when you see them. Mr. Wilford: Have you seen that little boy round the House? Sir James Allen: Five feet two inches is the minimum. Mr. Wilford: I know who has been accepted who is 4ft. 7in., and he doesn't weigh five stone. He is a jockey boy in "Mr. Hopkins's" stables.

ACCIDENTS AND FATALITIES
SETTLER KILLED ON THE RAILWAY.
By Telegraph—Press Association.
Pahiatua, October 25.

A shocking fatality occurred at the railway station shortly after the arrival of the evening train. During shunting operations Lawrence Sullivan, a retired settler, from South Wairarapa, over seventy years of age, was found lying across the rails. The body was terribly mutilated. It is stated that the man had been seen on the platform shortly before the accident. An inquest will be held.

FOUND DEAD.
Pahiatua, October 25.

Thomas Book, a single man, aged about 59 years, was found dead in Caddick's paddock this morning. Heart failure is believed to be the cause of death. Deceased was lately employed on a farm. His mother lives at Hastings.

SIX O'CLOCK CLOSING

A circular letter issued by the New Zealand Alliance Executive was considered by a deputation which waited on the Prime Minister yesterday. The deputation asked that the Government should give effect to the wishes expressed by the petitions presented to Parliament in favour of six o'clock closing of hotels during the war. "That this meeting places on record its deep thankfulness at the carrying of the measure of temperance reform contained in the provisions for six o'clock closing, and expresses the hope that the Government will give effect to the wishes of the people by bringing it into operation at once." The Prime Minister said the matter would receive the careful consideration of the Cabinet at an early date, and that Parliament would be asked to deal with the question before the end of the session. "We feel that the people of New Zealand are entitled to the earliest possible decision."

CENTRAL CHAMBER OF COMMERCE
ANNUAL MEETING
DISCUSSION ON AFTER-WAR TRADE

The annual meeting of the Central Chamber of Commerce was held on Wednesday afternoon in Winder's Buildings. The chair was occupied by the president (Mr. C. M. Luke). There were about thirty members present. In presenting the annual report the chairman said that the increase of membership had been gratifying. It spoke well for the interest members took in the chamber's work. The question of after-war trade and the supply of shipping was discussed at length. It was a question which would affect the whole of the Dominion, and it was essential that the views of the commercial community should be placed clearly before the Government. The chambers throughout New Zealand had been co-operating in the matter and had presented a joint memorandum to the Prime Minister. Members had been asked to assist as far as possible the efforts being made to develop the trade and industries of the Dominion after the war. There were many matters affecting the welfare of the community which required the attention of the chamber, and he trusted that the incoming committee would receive the same loyal support as had been given in the past year. The shortage of shipping was the most pressing difficulty facing the commercial community, and it was feared that it would become even more serious as time went on. It had been impossible to obtain space for many classes of goods, and this had caused heavy losses to importers and exporters alike. The chairman moved the adoption of the report and balance-sheet.

A Laughing-Stock.

Reference was also made to the report read for technical education, and said that the Government had not given a lead in the matter. Education, he thought, was a question that should be dealt with by the Government and not by private persons. The development of our industries would depend very largely upon technical education. It was hoped that the Government would take the matter up seriously in the near future. The resolution was carried, and the proposed scheme of co-operation with the other chambers was approved.

Germany's Trade.

In accepting the motion Mr. Robert Hall said that he regarded the trade after the war as the most important problem which confronted the Empire. It was essential that the people of the Empire should stand together and resist the attempts of Germany to regain her former position in the markets of the world. The Germans had been preparing for the trade war for many years, and they were ready to take advantage of every opening. It would be necessary for the Empire to organise its resources thoroughly if it was to hold its own. The British Government had appointed a committee to inquire into the question, and it was hoped that its report would be issued shortly. He supported the proposal that a conference of the chambers of commerce of the Empire should be held as soon as possible after the war. The motion was carried unanimously. Mr. Edwards said that the shortage of shipping had been very severely felt in Wellington, and he hoped that the Government would do all in its power to relieve the position. The meeting then proceeded to the election of officers for the ensuing year.

The Officers.

The following officers were appointed: President, Mr. C. M. Luke; vice-president, Mr. R. Hall; committee, Messrs. Hardie Shaw, A. Goddard, W. H. Bennett, H. D. Bell, F. G. Dalziell, W. M. Bannatyne, and G. Shirtcliffe. A vote of thanks to the retiring officers was carried by acclamation.

Sufferers from headache and sleeplessness should take Wilkinson's Headache Powders. They afford speedy relief. Price 1s. 6d. per box from all chemists.—Advt.
